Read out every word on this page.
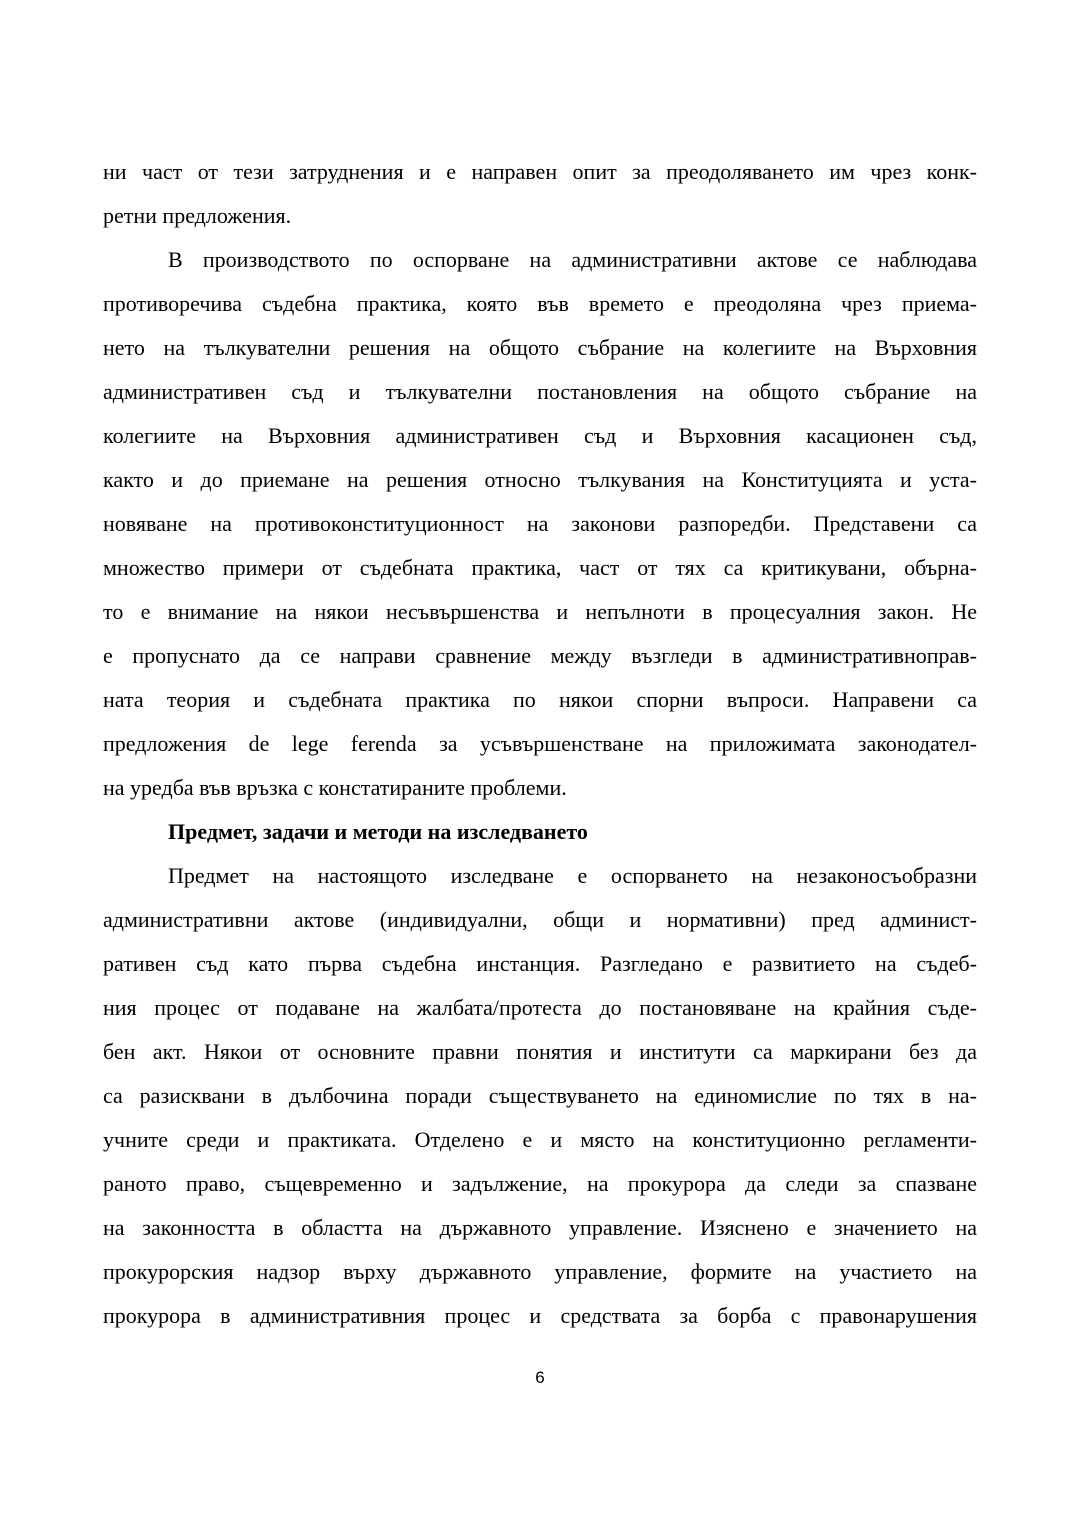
ни част от тези затруднения и е направен опит за преодоляването им чрез конк-
ретни предложения.
В производството по оспорване на административни актове се наблюдава
противоречива съдебна практика, която във времето е преодоляна чрез приема-
нето на тълкувателни решения на общото събрание на колегиите на Върховния
административен съд и тълкувателни постановления на общото събрание на
колегиите на Върховния административен съд и Върховния касационен съд,
както и до приемане на решения относно тълкувания на Конституцията и уста-
новяване на противоконституционност на законови разпоредби. Представени са
множество примери от съдебната практика, част от тях са критикувани, обърна-
то е внимание на някои несъвършенства и непълноти в процесуалния закон. Не
е пропуснато да се направи сравнение между възгледи в административноправ-
ната теория и съдебната практика по някои спорни въпроси. Направени са
предложения de lege ferenda за усъвършенстване на приложимата законодател-
на уредба във връзка с констатираните проблеми.
Предмет, задачи и методи на изследването
Предмет на настоящото изследване е оспорването на незаконосъобразни
административни актове (индивидуални, общи и нормативни) пред админист-
ративен съд като първа съдебна инстанция. Разгледано е развитието на съдеб-
ния процес от подаване на жалбата/протеста до постановяване на крайния съде-
бен акт. Някои от основните правни понятия и институти са маркирани без да
са разисквани в дълбочина поради съществуването на единомислие по тях в на-
учните среди и практиката. Отделено е и място на конституционно регламенти-
раното право, същевременно и задължение, на прокурора да следи за спазване
на законността в областта на държавното управление. Изяснено е значението на
прокурорския надзор върху държавното управление, формите на участието на
прокурора в административния процес и средствата за борба с правонарушения
6
